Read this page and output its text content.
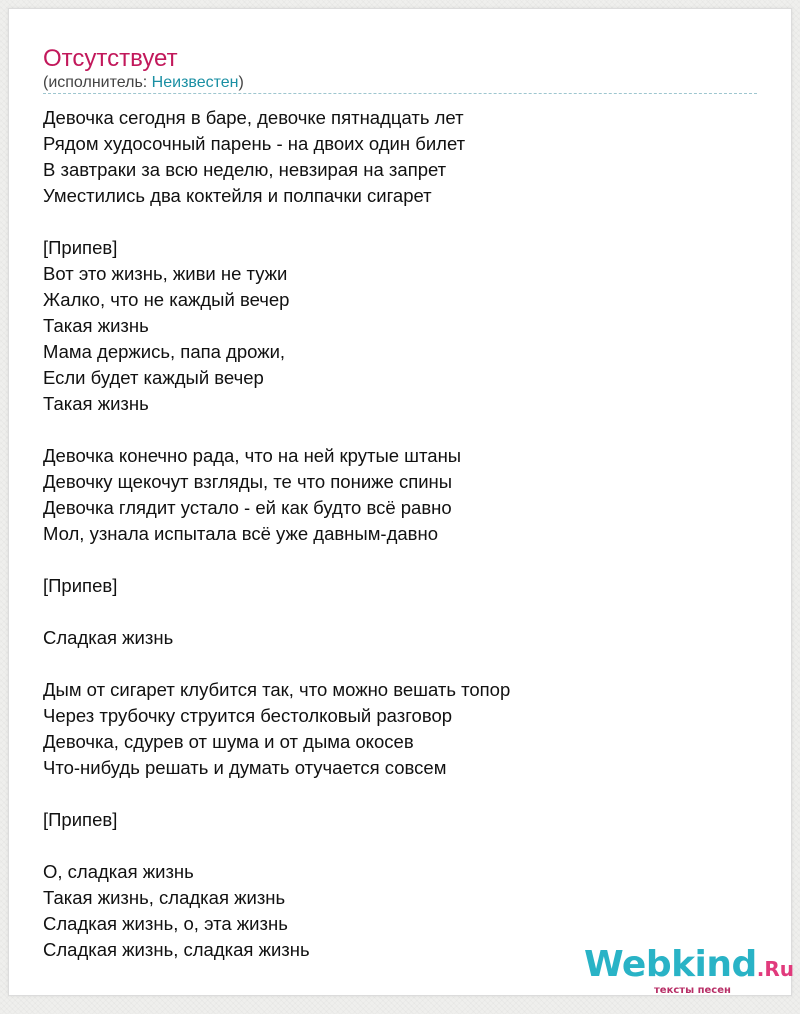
Отсутствует
(исполнитель: Неизвестен)
Девочка сегодня в баре, девочке пятнадцать лет
Рядом худосочный парень - на двоих один билет
В завтраки за всю неделю, невзирая на запрет
Уместились два коктейля и полпачки сигарет
[Припев]
Вот это жизнь, живи не тужи
Жалко, что не каждый вечер
Такая жизнь
Мама держись, папа дрожи,
Если будет каждый вечер
Такая жизнь
Девочка конечно рада, что на ней крутые штаны
Девочку щекочут взгляды, те что пониже спины
Девочка глядит устало - ей как будто всё равно
Мол, узнала испытала всё уже давным-давно
[Припев]
Сладкая жизнь
Дым от сигарет клубится так, что можно вешать топор
Через трубочку струится бестолковый разговор
Девочка, сдурев от шума и от дыма окосев
Что-нибудь решать и думать отучается совсем
[Припев]
О, сладкая жизнь
Такая жизнь, сладкая жизнь
Сладкая жизнь, о, эта жизнь
Сладкая жизнь, сладкая жизнь	Webkind.Ru
тексты песен
